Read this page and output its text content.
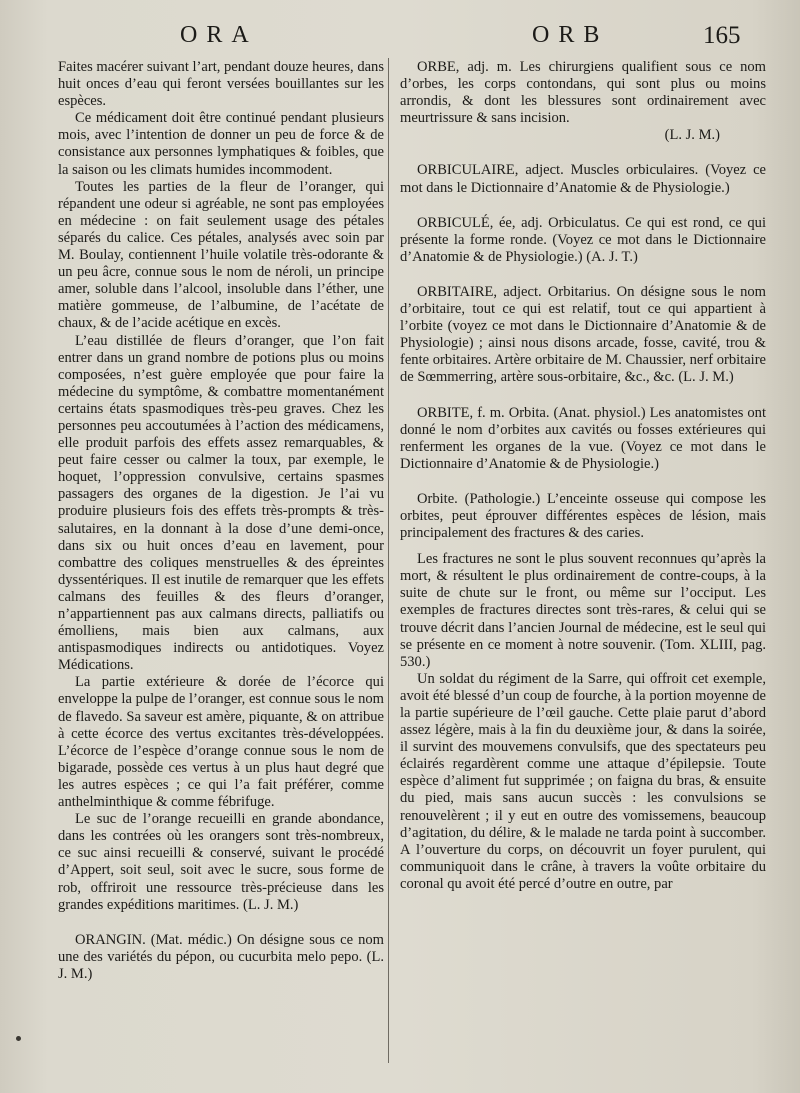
ORA	ORB	165

Faites macérer suivant l’art, pendant douze heures, dans huit onces d’eau qui feront versées bouillantes sur les espèces.

Ce médicament doit être continué pendant plusieurs mois, avec l’intention de donner un peu de force & de consistance aux personnes lymphatiques & foibles, que la saison ou les climats humides incommodent.

Toutes les parties de la fleur de l’oranger, qui répandent une odeur si agréable, ne sont pas employées en médecine : on fait seulement usage des pétales séparés du calice. Ces pétales, analysés avec soin par M. Boulay, contiennent l’huile volatile très-odorante & un peu âcre, connue sous le nom de néroli, un principe amer, soluble dans l’alcool, insoluble dans l’éther, une matière gommeuse, de l’albumine, de l’acétate de chaux, & de l’acide acétique en excès.

L’eau distillée de fleurs d’oranger, que l’on fait entrer dans un grand nombre de potions plus ou moins composées, n’est guère employée que pour faire la médecine du symptôme, & combattre momentanément certains états spasmodiques très-peu graves. Chez les personnes peu accoutumées à l’action des médicamens, elle produit parfois des effets assez remarquables, & peut faire cesser ou calmer la toux, par exemple, le hoquet, l’oppression convulsive, certains spasmes passagers des organes de la digestion. Je l’ai vu produire plusieurs fois des effets très-prompts & très-salutaires, en la donnant à la dose d’une demi-once, dans six ou huit onces d’eau en lavement, pour combattre des coliques menstruelles & des épreintes dyssentériques. Il est inutile de remarquer que les effets calmans des feuilles & des fleurs d’oranger, n’appartiennent pas aux calmans directs, palliatifs ou émolliens, mais bien aux calmans, aux antispasmodiques indirects ou antidotiques. Voyez Médications.

La partie extérieure & dorée de l’écorce qui enveloppe la pulpe de l’oranger, est connue sous le nom de flavedo. Sa saveur est amère, piquante, & on attribue à cette écorce des vertus excitantes très-développées. L’écorce de l’espèce d’orange connue sous le nom de bigarade, possède ces vertus à un plus haut degré que les autres espèces ; ce qui l’a fait préférer, comme anthelminthique & comme fébrifuge.

Le suc de l’orange recueilli en grande abondance, dans les contrées où les orangers sont très-nombreux, ce suc ainsi recueilli & conservé, suivant le procédé d’Appert, soit seul, soit avec le sucre, sous forme de rob, offriroit une ressource très-précieuse dans les grandes expéditions maritimes. (L. J. M.)

ORANGIN. (Mat. médic.) On désigne sous ce nom une des variétés du pépon, ou cucurbita melo pepo. (L. J. M.)

ORBE, adj. m. Les chirurgiens qualifient sous ce nom d’orbes, les corps contondans, qui sont plus ou moins arrondis, & dont les blessures sont ordinairement avec meurtrissure & sans incision.

(L. J. M.)

ORBICULAIRE, adject. Muscles orbiculaires. (Voyez ce mot dans le Dictionnaire d’Anatomie & de Physiologie.)

ORBICULÉ, ée, adj. Orbiculatus. Ce qui est rond, ce qui présente la forme ronde. (Voyez ce mot dans le Dictionnaire d’Anatomie & de Physiologie.) (A. J. T.)

ORBITAIRE, adject. Orbitarius. On désigne sous le nom d’orbitaire, tout ce qui est relatif, tout ce qui appartient à l’orbite (voyez ce mot dans le Dictionnaire d’Anatomie & de Physiologie) ; ainsi nous disons arcade, fosse, cavité, trou & fente orbitaires. Artère orbitaire de M. Chaussier, nerf orbitaire de Sœmmerring, artère sous-orbitaire, &c., &c. (L. J. M.)

ORBITE, f. m. Orbita. (Anat. physiol.) Les anatomistes ont donné le nom d’orbites aux cavités ou fosses extérieures qui renferment les organes de la vue. (Voyez ce mot dans le Dictionnaire d’Anatomie & de Physiologie.)

Orbite. (Pathologie.) L’enceinte osseuse qui compose les orbites, peut éprouver différentes espèces de lésion, mais principalement des fractures & des caries.

Les fractures ne sont le plus souvent reconnues qu’après la mort, & résultent le plus ordinairement de contre-coups, à la suite de chute sur le front, ou même sur l’occiput. Les exemples de fractures directes sont très-rares, & celui qui se trouve décrit dans l’ancien Journal de médecine, est le seul qui se présente en ce moment à notre souvenir. (Tom. XLIII, pag. 530.)

Un soldat du régiment de la Sarre, qui offroit cet exemple, avoit été blessé d’un coup de fourche, à la portion moyenne de la partie supérieure de l’œil gauche. Cette plaie parut d’abord assez légère, mais à la fin du deuxième jour, & dans la soirée, il survint des mouvemens convulsifs, que des spectateurs peu éclairés regardèrent comme une attaque d’épilepsie. Toute espèce d’aliment fut supprimée ; on faigna du bras, & ensuite du pied, mais sans aucun succès : les convulsions se renouvelèrent ; il y eut en outre des vomissemens, beaucoup d’agitation, du délire, & le malade ne tarda point à succomber. A l’ouverture du corps, on découvrit un foyer purulent, qui communiquoit dans le crâne, à travers la voûte orbitaire du coronal qu avoit été percé d’outre en outre, par
